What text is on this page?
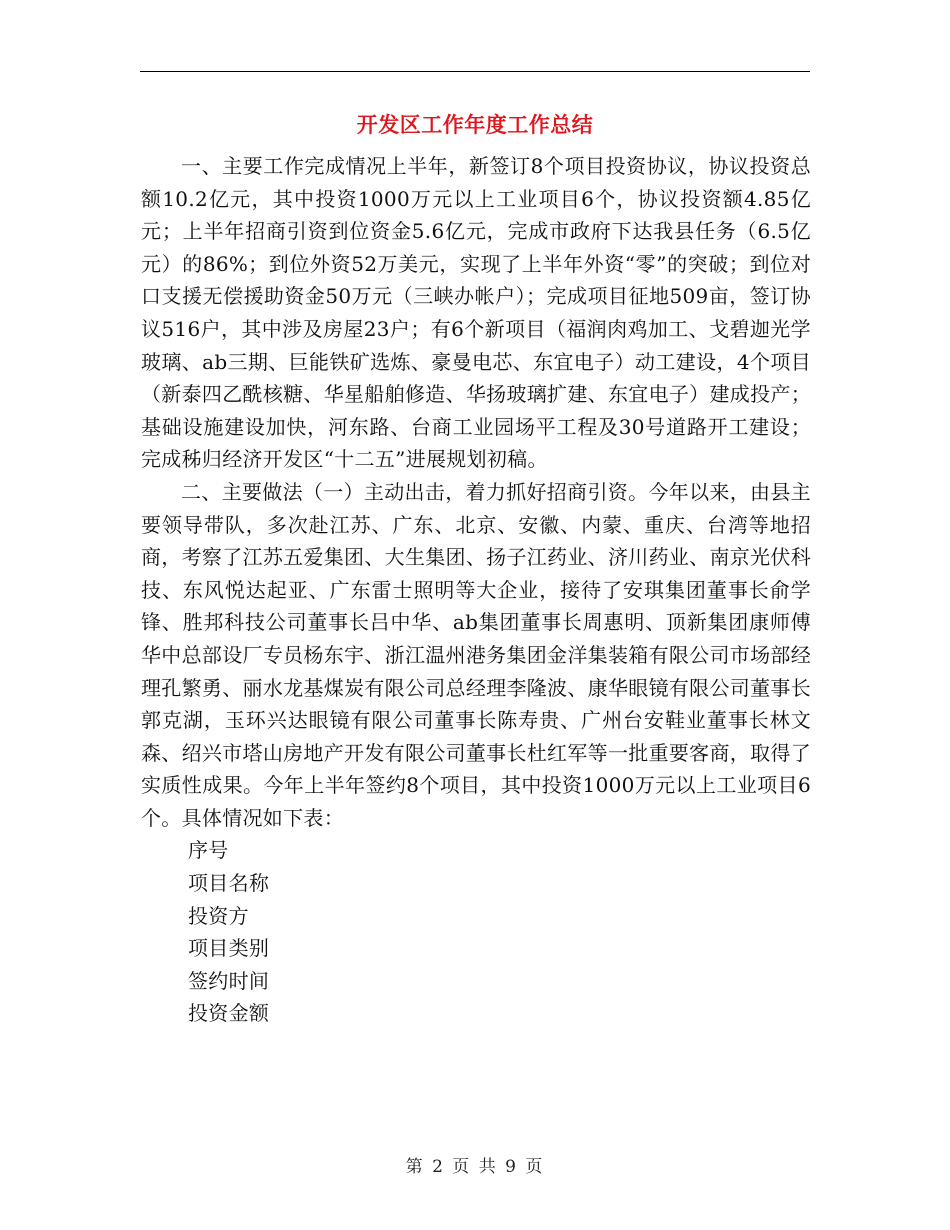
开发区工作年度工作总结

一、主要工作完成情况上半年，新签订8个项目投资协议，协议投资总额10.2亿元，其中投资1000万元以上工业项目6个，协议投资额4.85亿元；上半年招商引资到位资金5.6亿元，完成市政府下达我县任务（6.5亿元）的86%；到位外资52万美元，实现了上半年外资“零”的突破；到位对口支援无偿援助资金50万元（三峡办帐户）；完成项目征地509亩，签订协议516户，其中涉及房屋23户；有6个新项目（福润肉鸡加工、戈碧迦光学玻璃、ab三期、巨能铁矿选炼、豪曼电芯、东宜电子）动工建设，4个项目（新泰四乙酰核糖、华星船舶修造、华扬玻璃扩建、东宜电子）建成投产；基础设施建设加快，河东路、台商工业园场平工程及30号道路开工建设；完成秭归经济开发区“十二五”进展规划初稿。

二、主要做法（一）主动出击，着力抓好招商引资。今年以来，由县主要领导带队，多次赴江苏、广东、北京、安徽、内蒙、重庆、台湾等地招商，考察了江苏五爱集团、大生集团、扬子江药业、济川药业、南京光伏科技、东风悦达起亚、广东雷士照明等大企业，接待了安琪集团董事长俞学锋、胜邦科技公司董事长吕中华、ab集团董事长周惠明、顶新集团康师傅华中总部设厂专员杨东宇、浙江温州港务集团金洋集装箱有限公司市场部经理孔繁勇、丽水龙基煤炭有限公司总经理李隆波、康华眼镜有限公司董事长郭克湖，玉环兴达眼镜有限公司董事长陈寿贵、广州台安鞋业董事长林文森、绍兴市塔山房地产开发有限公司董事长杜红军等一批重要客商，取得了实质性成果。今年上半年签约8个项目，其中投资1000万元以上工业项目6个。具体情况如下表：

序号
项目名称
投资方
项目类别
签约时间
投资金额
第 2 页 共 9 页
